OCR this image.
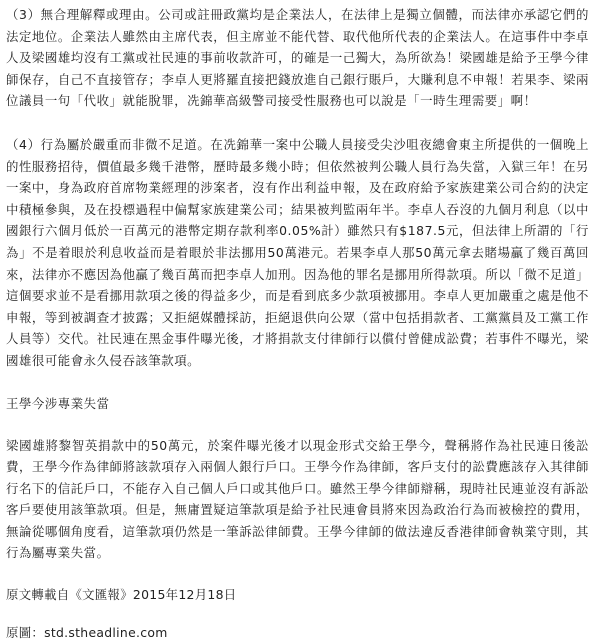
（3）無合理解釋或理由。公司或註冊政黨均是企業法人，在法律上是獨立個體，而法律亦承認它們的法定地位。企業法人雖然由主席代表，但主席並不能代替、取代他所代表的企業法人。在這事件中李卓人及梁國雄均沒有工黨或社民連的事前收款許可，的確是一己獨大，為所欲為！梁國雄是給予王學今律師保存，自己不直接管存；李卓人更將羅直接把錢放進自己銀行賬戶，大賺利息不申報！若果李、梁兩位議員一句「代收」就能脫罪，冼錦華高級警司接受性服務也可以說是「一時生理需要」啊！

（4）行為屬於嚴重而非微不足道。在冼錦華一案中公職人員接受尖沙咀夜總會東主所提供的一個晚上的性服務招待，價值最多幾千港幣，歷時最多幾小時；但依然被判公職人員行為失當，入獄三年！在另一案中，身為政府首席物業經理的涉案者，沒有作出利益申報，及在政府給予家族建業公司合約的決定中積極參與，及在投標過程中偏幫家族建業公司；結果被判監兩年半。李卓人吞沒的九個月利息（以中國銀行六個月低於一百萬元的港幣定期存款利率0.05%計）雖然只有$187.5元，但法律上所謂的「行為」不是着眼於利息收益而是着眼於非法挪用50萬港元。若果李卓人那50萬元拿去賭場贏了幾百萬回來，法律亦不應因為他贏了幾百萬而把李卓人加刑。因為他的罪名是挪用所得款項。所以「微不足道」這個要求並不是看挪用款項之後的得益多少，而是看到底多少款項被挪用。李卓人更加嚴重之處是他不申報，等到被調查才披露；又拒絕媒體採訪，拒絕退供向公眾（當中包括捐款者、工黨黨員及工黨工作人員等）交代。社民連在黑金事件曝光後，才將捐款支付律師行以償付曾健成訟費；若事件不曝光，梁國雄很可能會永久侵吞該筆款項。

王學今涉專業失當

梁國雄將黎智英捐款中的50萬元，於案件曝光後才以現金形式交給王學今，聲稱將作為社民連日後訟費，王學今作為律師將該款項存入兩個人銀行戶口。王學今作為律師，客戶支付的訟費應該存入其律師行名下的信託戶口，不能存入自己個人戶口或其他戶口。雖然王學今律師辯稱，現時社民連並沒有訴訟客戶要使用該筆款項。但是，無庸置疑這筆款項是給予社民連會員將來因為政治行為而被檢控的費用，無論從哪個角度看，這筆款項仍然是一筆訴訟律師費。王學今律師的做法違反香港律師會執業守則，其行為屬專業失當。

原文轉載自《文匯報》2015年12月18日
原圖：std.stheadline.com
